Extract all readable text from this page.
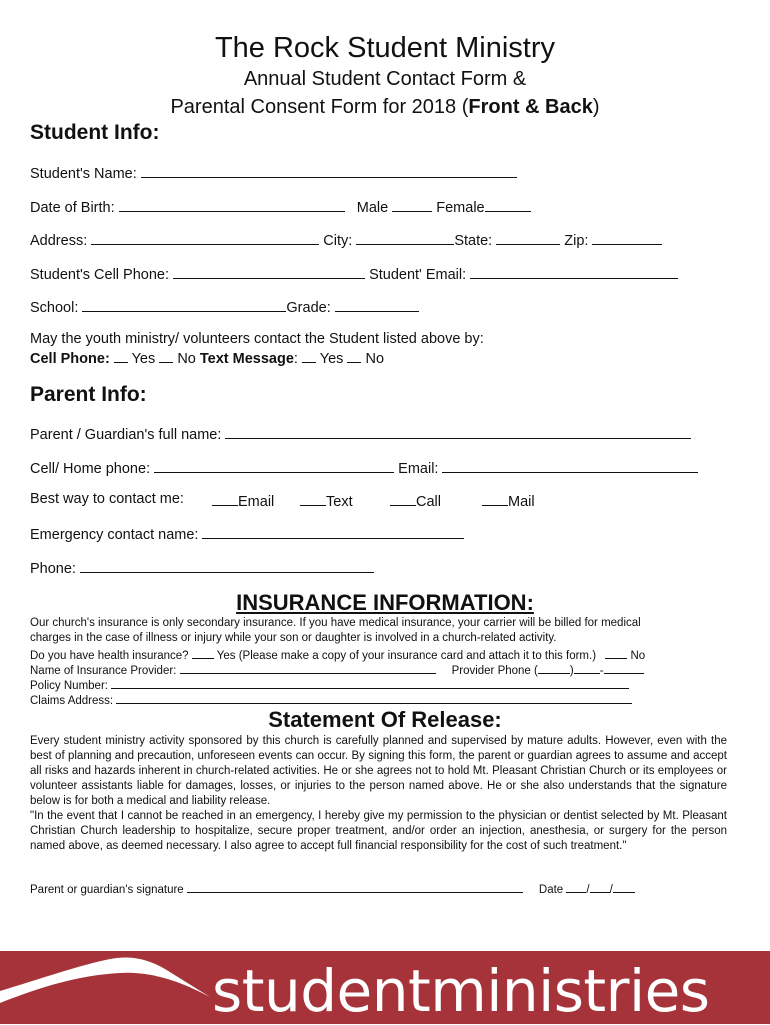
The Rock Student Ministry
Annual Student Contact Form &
Parental Consent Form for 2018 (Front & Back)
Student Info:
Student's Name:
Date of Birth:	Male	Female
Address:	City:	State:	Zip:
Student's Cell Phone:	Student' Email:
School:	Grade:
May the youth ministry/ volunteers contact the Student listed above by:
Cell Phone: Yes No Text Message:  Yes No
Parent Info:
Parent / Guardian's full name:
Cell/ Home phone:	Email:
Best way to contact me:	Email	Text	Call	Mail
Emergency contact name:
Phone:
INSURANCE INFORMATION:
Our church's insurance is only secondary insurance. If you have medical insurance, your carrier will be billed for medical
charges in the case of illness or injury while your son or daughter is involved in a church-related activity.
Do you have health insurance? Yes (Please make a copy of your insurance card and attach it to this form.)	No
Name of Insurance Provider:	Provider Phone (	) -
Policy Number:
Claims Address:
Statement Of Release:

Every student ministry activity sponsored by this church is carefully planned and supervised by mature adults. However, even with the best of planning and precaution, unforeseen events can occur. By signing this form, the parent or guardian agrees to assume and accept all risks and hazards inherent in church-related activities. He or she agrees not to hold Mt. Pleasant Christian Church or its employees or volunteer assistants liable for damages, losses, or injuries to the person named above. He or she also understands that the signature below is for both a medical and liability release.

"In the event that I cannot be reached in an emergency, I hereby give my permission to the physician or dentist selected by Mt. Pleasant Christian Church leadership to hospitalize, secure proper treatment, and/or order an injection, anesthesia, or surgery for the person named above, as deemed necessary. I also agree to accept full financial responsibility for the cost of such treatment."

Parent or guardian's signature	Date / /
studentministries
